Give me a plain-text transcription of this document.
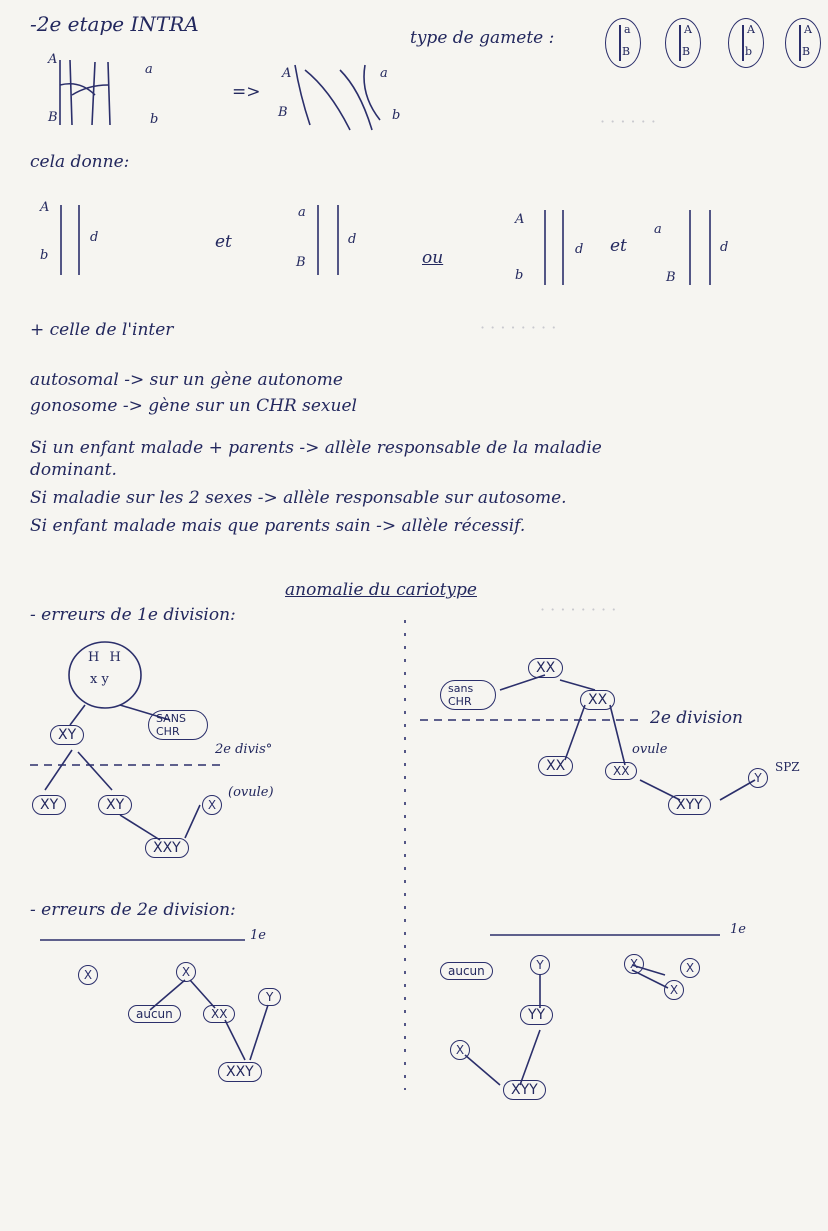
· · · · · ·
· · · · · · · ·
· · · · · · · ·
-2e etape INTRA
type de gamete :	a
B
A
B
A
b
A
B
A
B
a
b
=>
A
B
a
b
cela donne:
A
b
d	et
a
B
d
ou
A
b
d et
a
B
d
+ celle de l'inter
autosomal -> sur un gène autonome
gonosome -> gène sur un CHR sexuel
Si un enfant malade + parents -> allèle responsable de la maladie
dominant.
Si maladie sur les 2 sexes -> allèle responsable sur autosome.
Si enfant malade mais que parents sain -> allèle récessif.
anomalie du cariotype
- erreurs de 1e division:
H H
x y
XY
SANS CHR
2e divis°
(ovule)
XY	XY	X
XXY
XX
sans CHR	XX
2e division
ovule
XX	XX	Y
SPZ
XYY
- erreurs de 2e division:
1e	1e
X	X
Y
aucun	XX
XXY
aucun	Y	X	X
X
YY
X
XYY
